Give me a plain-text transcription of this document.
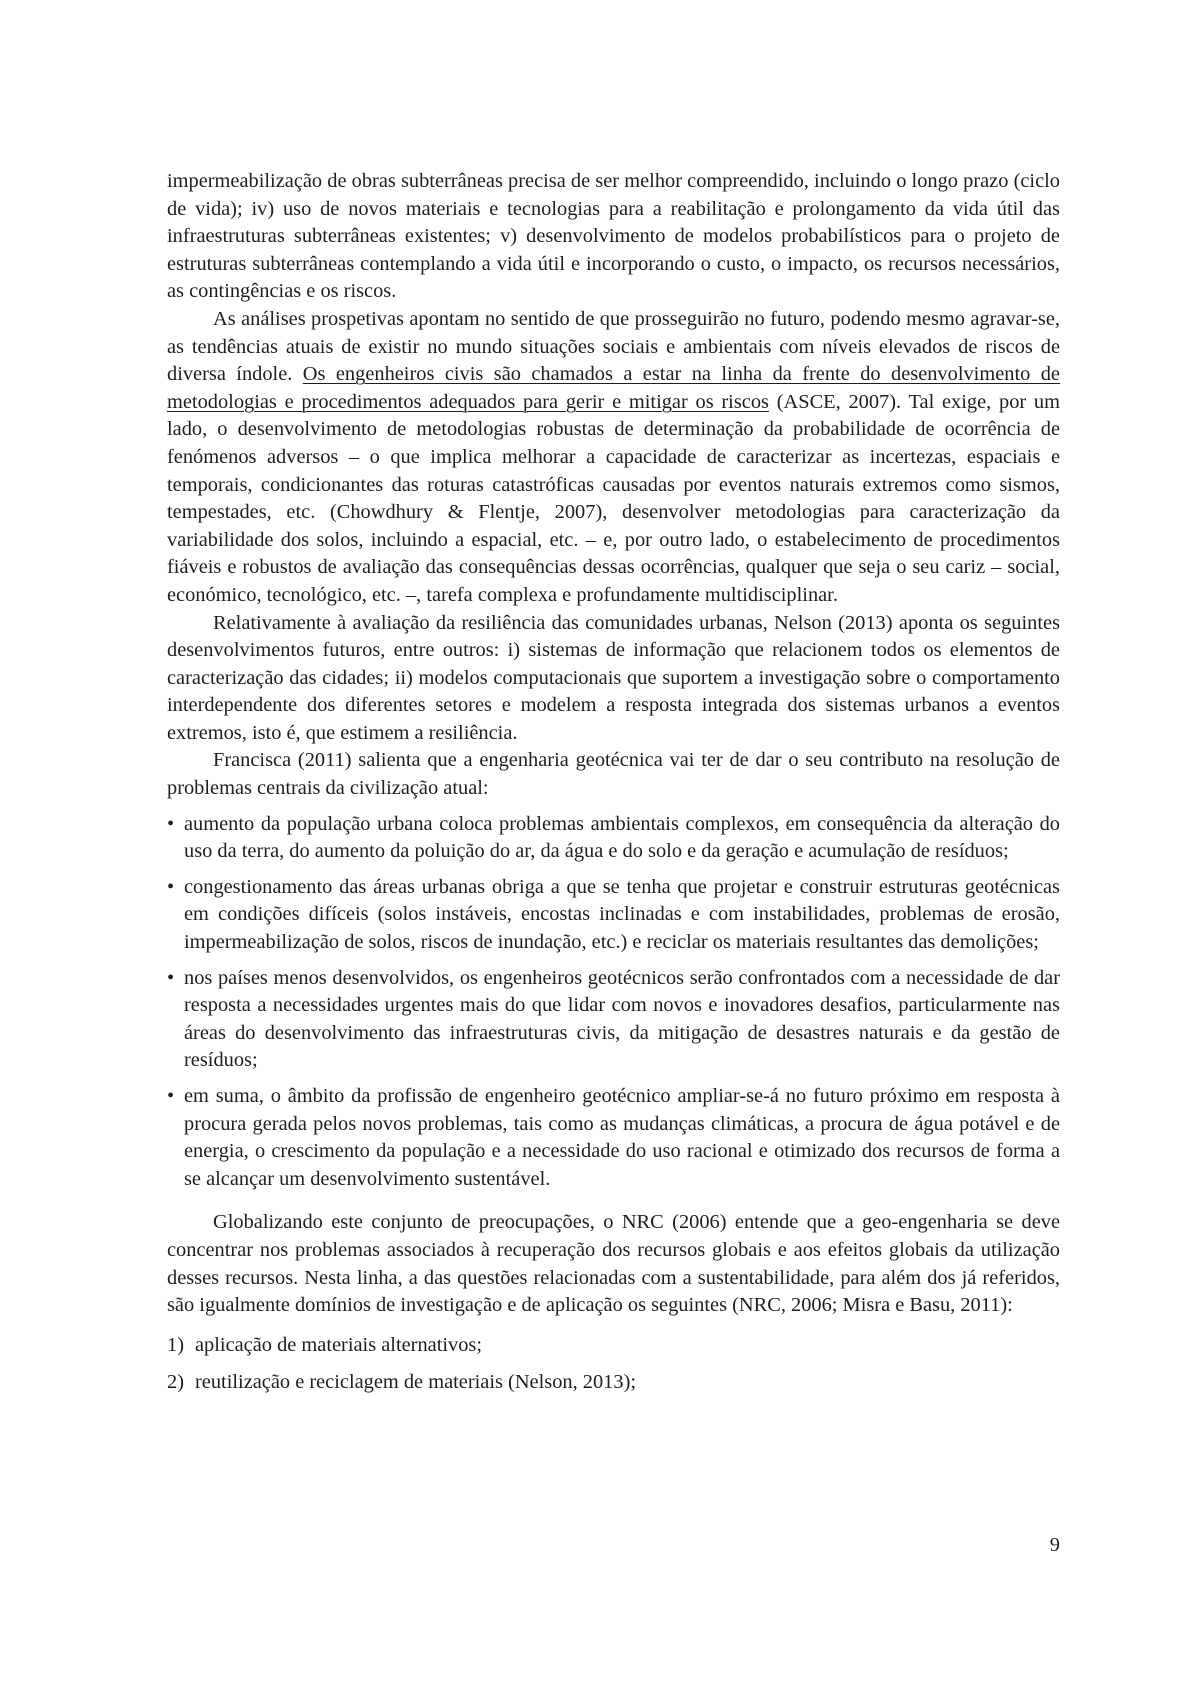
impermeabilização de obras subterrâneas precisa de ser melhor compreendido, incluindo o longo prazo (ciclo de vida); iv) uso de novos materiais e tecnologias para a reabilitação e prolongamento da vida útil das infraestruturas subterrâneas existentes; v) desenvolvimento de modelos probabilísticos para o projeto de estruturas subterrâneas contemplando a vida útil e incorporando o custo, o impacto, os recursos necessários, as contingências e os riscos.

As análises prospetivas apontam no sentido de que prosseguirão no futuro, podendo mesmo agravar-se, as tendências atuais de existir no mundo situações sociais e ambientais com níveis elevados de riscos de diversa índole. Os engenheiros civis são chamados a estar na linha da frente do desenvolvimento de metodologias e procedimentos adequados para gerir e mitigar os riscos (ASCE, 2007). Tal exige, por um lado, o desenvolvimento de metodologias robustas de determinação da probabilidade de ocorrência de fenómenos adversos – o que implica melhorar a capacidade de caracterizar as incertezas, espaciais e temporais, condicionantes das roturas catastróficas causadas por eventos naturais extremos como sismos, tempestades, etc. (Chowdhury & Flentje, 2007), desenvolver metodologias para caracterização da variabilidade dos solos, incluindo a espacial, etc. – e, por outro lado, o estabelecimento de procedimentos fiáveis e robustos de avaliação das consequências dessas ocorrências, qualquer que seja o seu cariz – social, económico, tecnológico, etc. –, tarefa complexa e profundamente multidisciplinar.

Relativamente à avaliação da resiliência das comunidades urbanas, Nelson (2013) aponta os seguintes desenvolvimentos futuros, entre outros: i) sistemas de informação que relacionem todos os elementos de caracterização das cidades; ii) modelos computacionais que suportem a investigação sobre o comportamento interdependente dos diferentes setores e modelem a resposta integrada dos sistemas urbanos a eventos extremos, isto é, que estimem a resiliência.

Francisca (2011) salienta que a engenharia geotécnica vai ter de dar o seu contributo na resolução de problemas centrais da civilização atual:

• aumento da população urbana coloca problemas ambientais complexos, em consequência da alteração do uso da terra, do aumento da poluição do ar, da água e do solo e da geração e acumulação de resíduos;
• congestionamento das áreas urbanas obriga a que se tenha que projetar e construir estruturas geotécnicas em condições difíceis (solos instáveis, encostas inclinadas e com instabilidades, problemas de erosão, impermeabilização de solos, riscos de inundação, etc.) e reciclar os materiais resultantes das demolições;
• nos países menos desenvolvidos, os engenheiros geotécnicos serão confrontados com a necessidade de dar resposta a necessidades urgentes mais do que lidar com novos e inovadores desafios, particularmente nas áreas do desenvolvimento das infraestruturas civis, da mitigação de desastres naturais e da gestão de resíduos;
• em suma, o âmbito da profissão de engenheiro geotécnico ampliar-se-á no futuro próximo em resposta à procura gerada pelos novos problemas, tais como as mudanças climáticas, a procura de água potável e de energia, o crescimento da população e a necessidade do uso racional e otimizado dos recursos de forma a se alcançar um desenvolvimento sustentável.

Globalizando este conjunto de preocupações, o NRC (2006) entende que a geo-engenharia se deve concentrar nos problemas associados à recuperação dos recursos globais e aos efeitos globais da utilização desses recursos. Nesta linha, a das questões relacionadas com a sustentabilidade, para além dos já referidos, são igualmente domínios de investigação e de aplicação os seguintes (NRC, 2006; Misra e Basu, 2011):

1) aplicação de materiais alternativos;
2) reutilização e reciclagem de materiais (Nelson, 2013);
9
